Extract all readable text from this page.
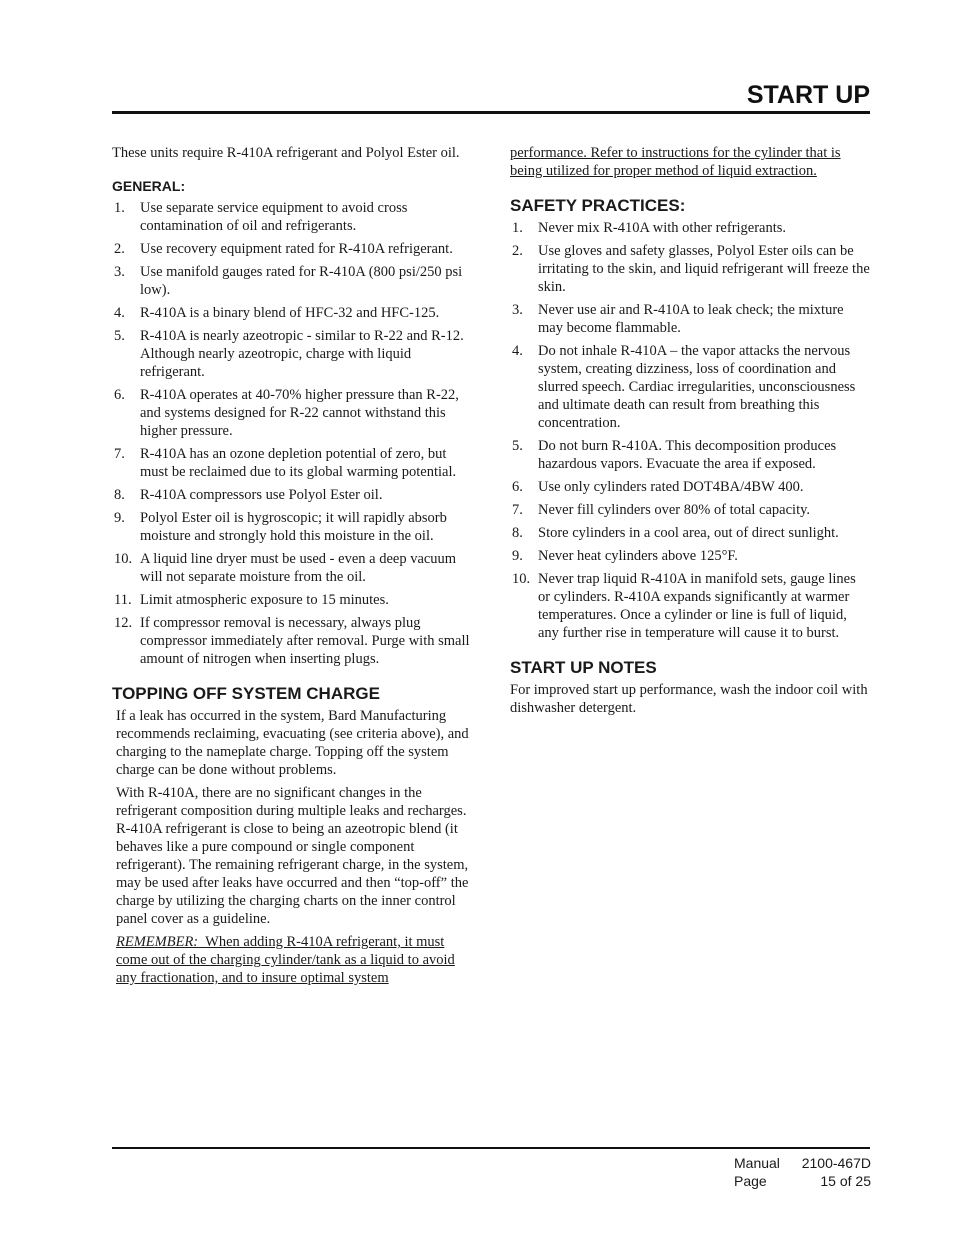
START UP

These units require R-410A refrigerant and Polyol Ester oil.

GENERAL:
1. Use separate service equipment to avoid cross contamination of oil and refrigerants.
2. Use recovery equipment rated for R-410A refrigerant.
3. Use manifold gauges rated for R-410A (800 psi/250 psi low).
4. R-410A is a binary blend of HFC-32 and HFC-125.
5. R-410A is nearly azeotropic - similar to R-22 and R-12. Although nearly azeotropic, charge with liquid refrigerant.
6. R-410A operates at 40-70% higher pressure than R-22, and systems designed for R-22 cannot withstand this higher pressure.
7. R-410A has an ozone depletion potential of zero, but must be reclaimed due to its global warming potential.
8. R-410A compressors use Polyol Ester oil.
9. Polyol Ester oil is hygroscopic; it will rapidly absorb moisture and strongly hold this moisture in the oil.
10. A liquid line dryer must be used - even a deep vacuum will not separate moisture from the oil.
11. Limit atmospheric exposure to 15 minutes.
12. If compressor removal is necessary, always plug compressor immediately after removal. Purge with small amount of nitrogen when inserting plugs.
TOPPING OFF SYSTEM CHARGE

If a leak has occurred in the system, Bard Manufacturing recommends reclaiming, evacuating (see criteria above), and charging to the nameplate charge. Topping off the system charge can be done without problems.

With R-410A, there are no significant changes in the refrigerant composition during multiple leaks and recharges. R-410A refrigerant is close to being an azeotropic blend (it behaves like a pure compound or single component refrigerant). The remaining refrigerant charge, in the system, may be used after leaks have occurred and then “top-off” the charge by utilizing the charging charts on the inner control panel cover as a guideline.

REMEMBER: When adding R-410A refrigerant, it must come out of the charging cylinder/tank as a liquid to avoid any fractionation, and to insure optimal system

performance. Refer to instructions for the cylinder that is being utilized for proper method of liquid extraction.

SAFETY PRACTICES:
1. Never mix R-410A with other refrigerants.
2. Use gloves and safety glasses, Polyol Ester oils can be irritating to the skin, and liquid refrigerant will freeze the skin.
3. Never use air and R-410A to leak check; the mixture may become flammable.
4. Do not inhale R-410A – the vapor attacks the nervous system, creating dizziness, loss of coordination and slurred speech. Cardiac irregularities, unconsciousness and ultimate death can result from breathing this concentration.
5. Do not burn R-410A. This decomposition produces hazardous vapors. Evacuate the area if exposed.
6. Use only cylinders rated DOT4BA/4BW 400.
7. Never fill cylinders over 80% of total capacity.
8. Store cylinders in a cool area, out of direct sunlight.
9. Never heat cylinders above 125°F.
10. Never trap liquid R-410A in manifold sets, gauge lines or cylinders. R-410A expands significantly at warmer temperatures. Once a cylinder or line is full of liquid, any further rise in temperature will cause it to burst.
START UP NOTES

For improved start up performance, wash the indoor coil with dishwasher detergent.

Manual 2100-467D
Page	15 of 25
